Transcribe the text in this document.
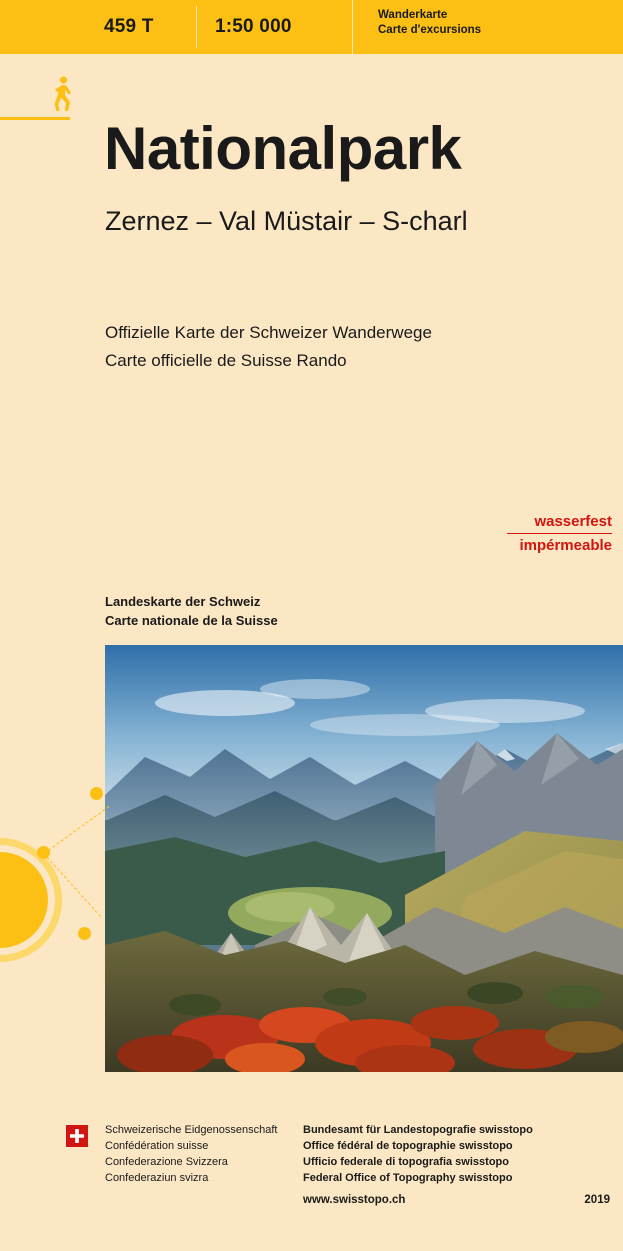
459 T	1:50 000
Wanderkarte
Carte d'excursions
Nationalpark
Zernez – Val Müstair – S-charl
Offizielle Karte der Schweizer Wanderwege
Carte officielle de Suisse Rando
wasserfest
impérmeable
Landeskarte der Schweiz
Carte nationale de la Suisse
Schweizerische Eidgenossenschaft
Confédération suisse
Confederazione Svizzera
Confederaziun svizra
Bundesamt für Landestopografie swisstopo
Office fédéral de topographie swisstopo
Ufficio federale di topografia swisstopo
Federal Office of Topography swisstopo
www.swisstopo.ch	2019
